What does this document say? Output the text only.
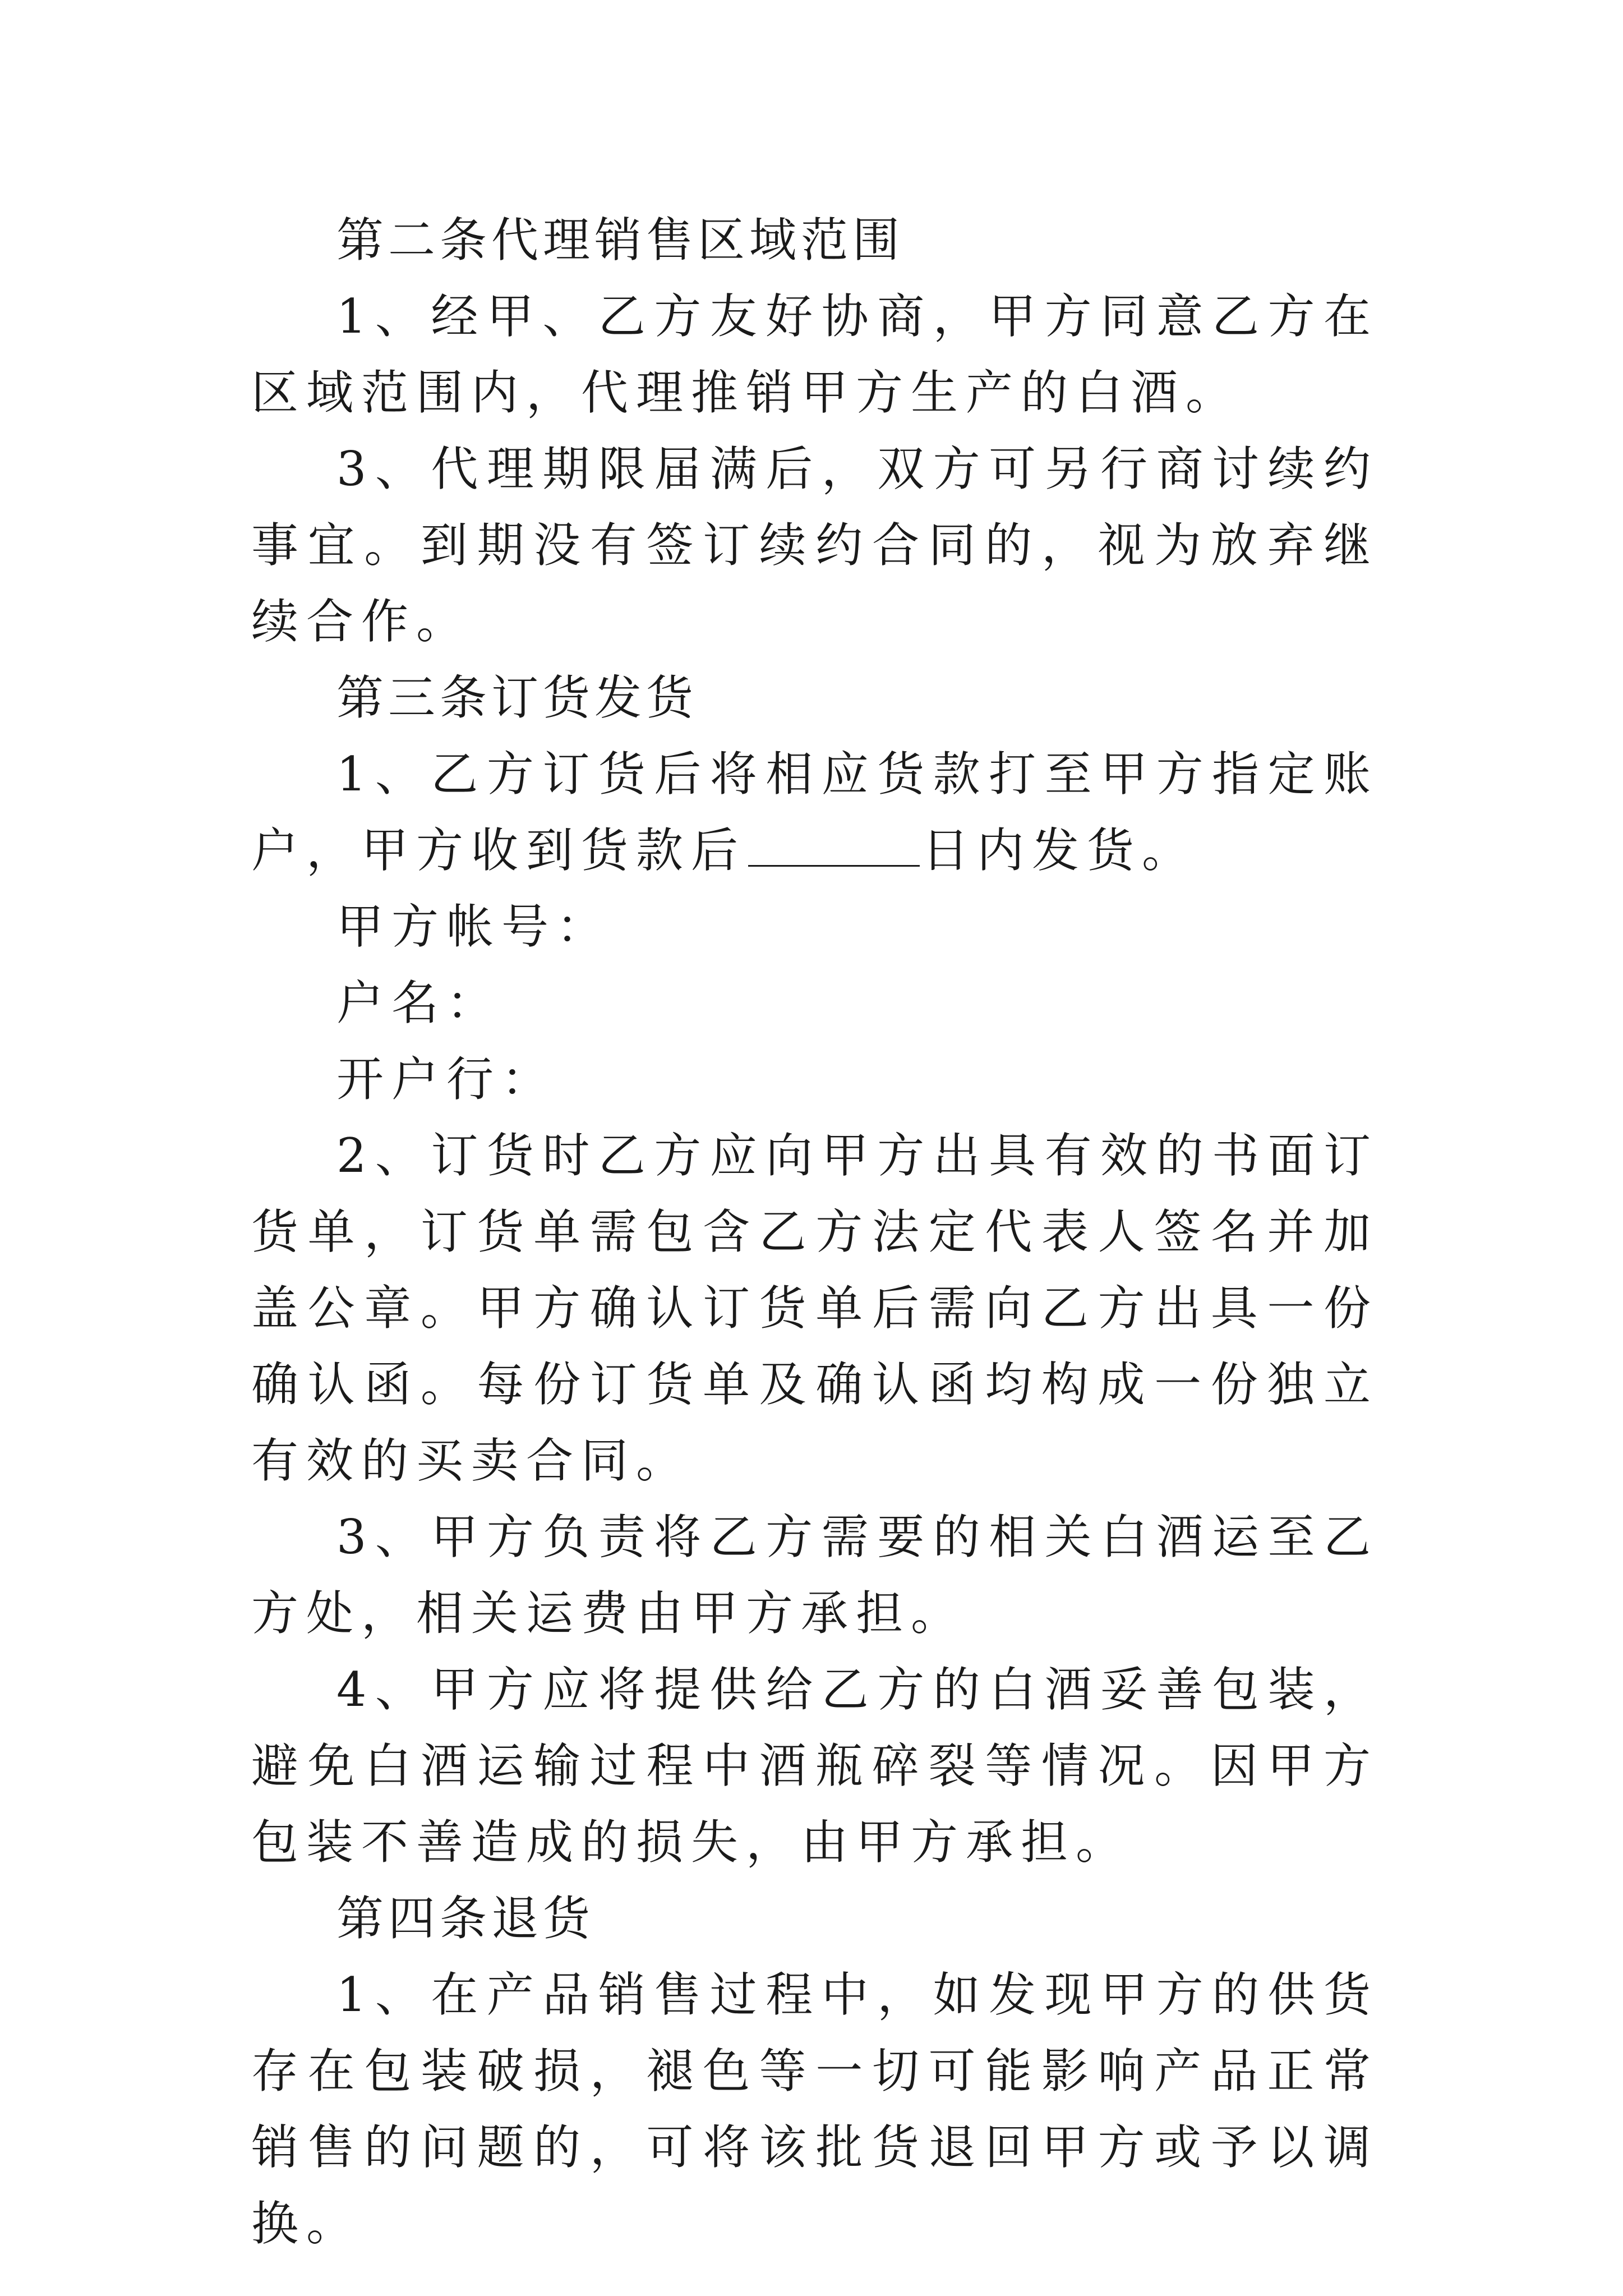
第二条代理销售区域范围

1、经甲、乙方友好协商，甲方同意乙方在区域范围内，代理推销甲方生产的白酒。

3、代理期限届满后，双方可另行商讨续约事宜。到期没有签订续约合同的，视为放弃继续合作。

第三条订货发货

1、乙方订货后将相应货款打至甲方指定账户，甲方收到货款后	日内发货。

甲方帐号：

户名：

开户行：

2、订货时乙方应向甲方出具有效的书面订货单，订货单需包含乙方法定代表人签名并加盖公章。甲方确认订货单后需向乙方出具一份确认函。每份订货单及确认函均构成一份独立有效的买卖合同。

3、甲方负责将乙方需要的相关白酒运至乙方处，相关运费由甲方承担。

4、甲方应将提供给乙方的白酒妥善包装，避免白酒运输过程中酒瓶碎裂等情况。因甲方包装不善造成的损失，由甲方承担。

第四条退货

1、在产品销售过程中，如发现甲方的供货存在包装破损，褪色等一切可能影响产品正常销售的问题的，可将该批货退回甲方或予以调换。
